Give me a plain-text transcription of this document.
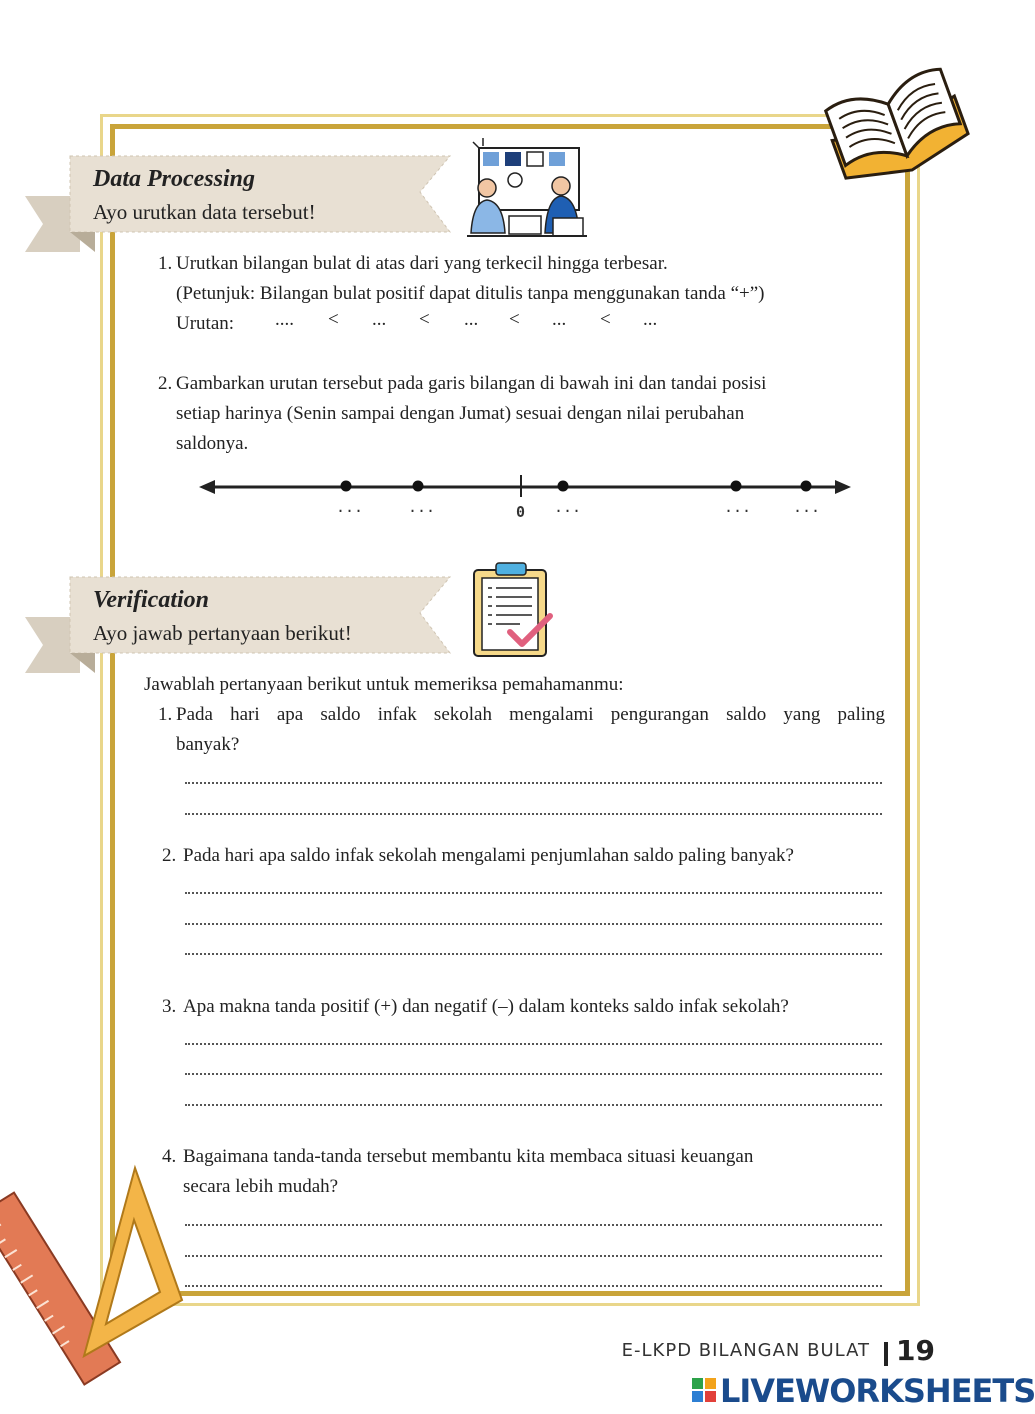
Data Processing
Ayo urutkan data tersebut!
1. Urutkan bilangan bulat di atas dari yang terkecil hingga terbesar.
(Petunjuk: Bilangan bulat positif dapat ditulis tanpa menggunakan tanda “+”)
Urutan: .... < ... < ... < ... < ...
2. Gambarkan urutan tersebut pada garis bilangan di bawah ini dan tandai posisi
setiap harinya (Senin sampai dengan Jumat) sesuai dengan nilai perubahan
saldonya.
...	...	0 ...	...	...
Verification
Ayo jawab pertanyaan berikut!
Jawablah pertanyaan berikut untuk memeriksa pemahamanmu:
1. Pada hari apa saldo infak sekolah mengalami pengurangan saldo yang paling
banyak?
2. Pada hari apa saldo infak sekolah mengalami penjumlahan saldo paling banyak?
3. Apa makna tanda positif (+) dan negatif (–) dalam konteks saldo infak sekolah?
4. Bagaimana tanda-tanda tersebut membantu kita membaca situasi keuangan
secara lebih mudah?
E-LKPD BILANGAN BULAT 19
LIVEWORKSHEETS
